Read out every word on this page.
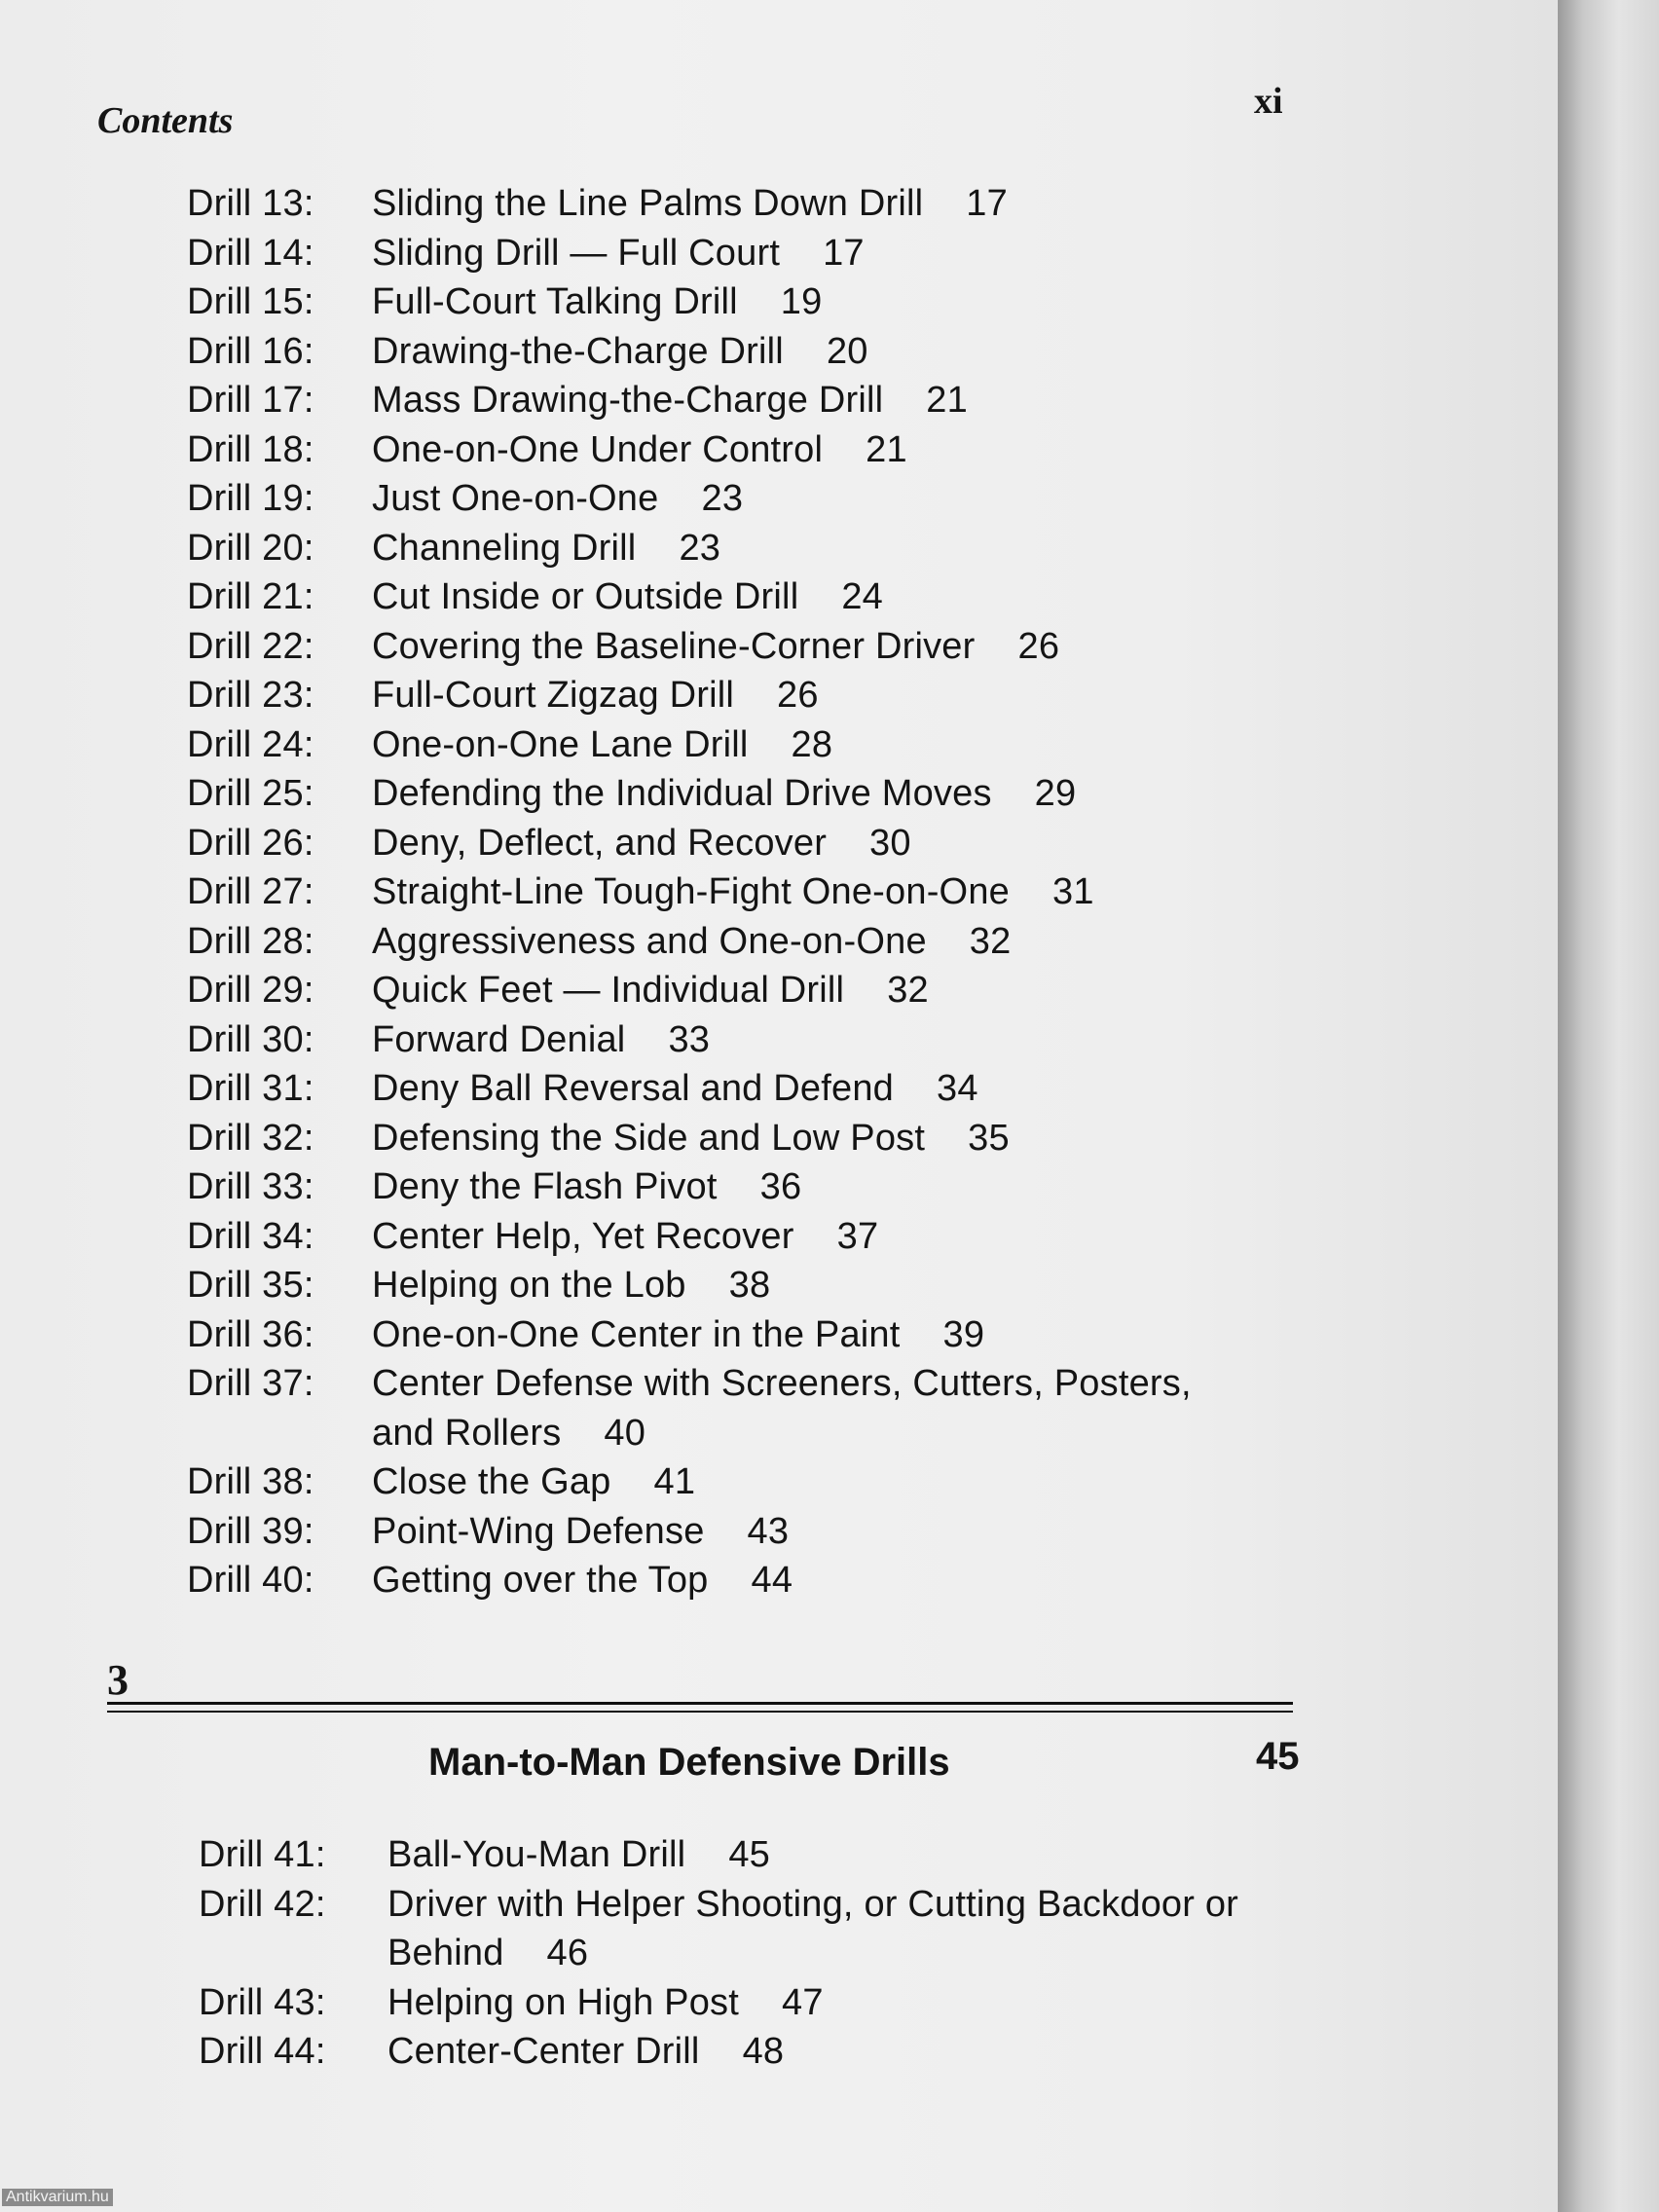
Contents	xi
Drill 13:	Sliding the Line Palms Down Drill 17
Drill 14:	Sliding Drill — Full Court 17
Drill 15:	Full-Court Talking Drill 19
Drill 16:	Drawing-the-Charge Drill 20
Drill 17:	Mass Drawing-the-Charge Drill 21
Drill 18:	One-on-One Under Control 21
Drill 19:	Just One-on-One 23
Drill 20:	Channeling Drill 23
Drill 21:	Cut Inside or Outside Drill 24
Drill 22:	Covering the Baseline-Corner Driver 26
Drill 23:	Full-Court Zigzag Drill 26
Drill 24:	One-on-One Lane Drill 28
Drill 25:	Defending the Individual Drive Moves 29
Drill 26:	Deny, Deflect, and Recover 30
Drill 27:	Straight-Line Tough-Fight One-on-One 31
Drill 28:	Aggressiveness and One-on-One 32
Drill 29:	Quick Feet — Individual Drill 32
Drill 30:	Forward Denial 33
Drill 31:	Deny Ball Reversal and Defend 34
Drill 32:	Defensing the Side and Low Post 35
Drill 33:	Deny the Flash Pivot 36
Drill 34:	Center Help, Yet Recover 37
Drill 35:	Helping on the Lob 38
Drill 36:	One-on-One Center in the Paint 39
Drill 37:	Center Defense with Screeners, Cutters, Posters,
and Rollers 40
Drill 38:	Close the Gap 41
Drill 39:	Point-Wing Defense 43
Drill 40:	Getting over the Top 44
3
Man-to-Man Defensive Drills	45
Drill 41:	Ball-You-Man Drill 45
Drill 42:	Driver with Helper Shooting, or Cutting Backdoor or
Behind 46
Drill 43:	Helping on High Post 47
Drill 44:	Center-Center Drill 48
Antikvarium.hu
